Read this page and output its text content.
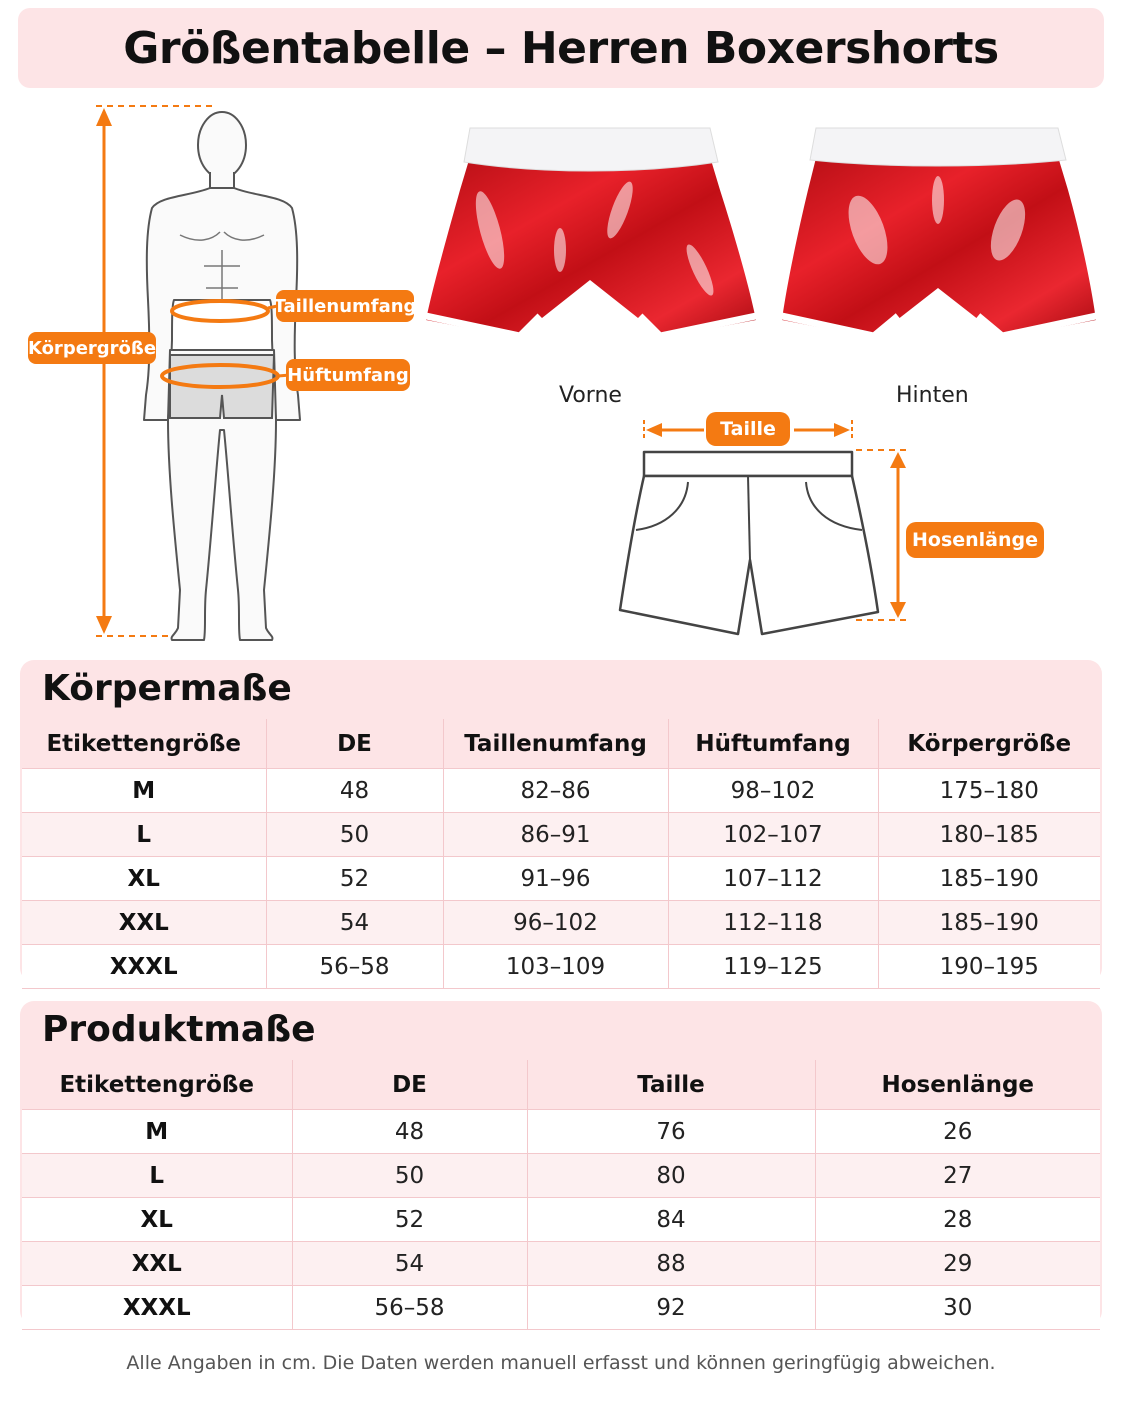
Größentabelle – Herren Boxershorts
Körpergröße
Taillenumfang
Hüftumfang
Vorne	Hinten
Taille
Hosenlänge
Körpermaße
Etikettengröße	DE	Taillenumfang	Hüftumfang	Körpergröße
M	48	82–86	98–102	175–180
L	50	86–91	102–107	180–185
XL	52	91–96	107–112	185–190
XXL	54	96–102	112–118	185–190
XXXL	56–58	103–109	119–125	190–195
Produktmaße
Etikettengröße	DE	Taille	Hosenlänge
M	48	76	26
L	50	80	27
XL	52	84	28
XXL	54	88	29
XXXL	56–58	92	30
Alle Angaben in cm. Die Daten werden manuell erfasst und können geringfügig abweichen.
